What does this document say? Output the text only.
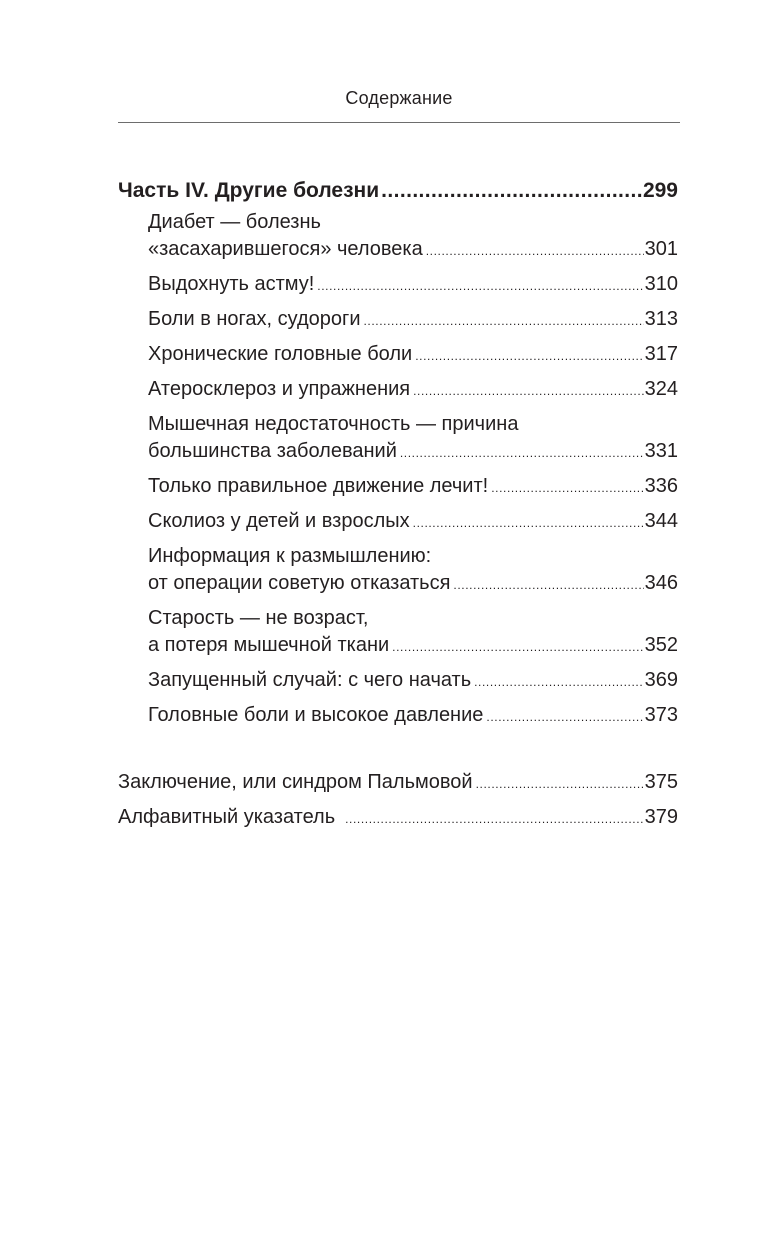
Содержание
Часть IV. Другие болезни .....	299
Диабет — болезнь
«засахарившегося» человека .....	301
Выдохнуть астму! .....	310
Боли в ногах, судороги .....	313
Хронические головные боли .....	317
Атеросклероз и упражнения .....	324
Мышечная недостаточность — причина
большинства заболеваний .....	331
Только правильное движение лечит! .....	336
Сколиоз у детей и взрослых .....	344
Информация к размышлению:
от операции советую отказаться .....	346
Старость — не возраст,
а потеря мышечной ткани .....	352
Запущенный случай: с чего начать .....	369
Головные боли и высокое давление .....	373
Заключение, или синдром Пальмовой .....	375
Алфавитный указатель .....	379
